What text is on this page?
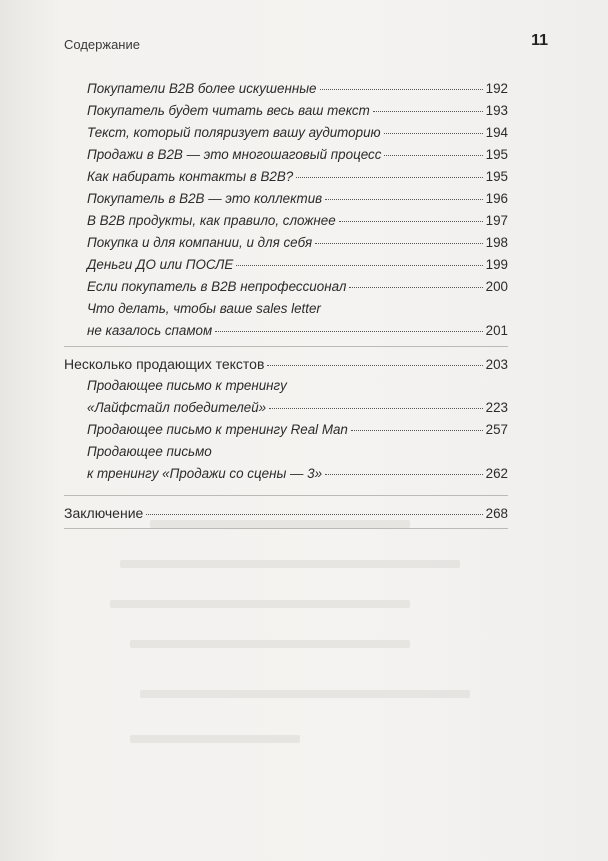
Содержание	11
Покупатели B2B более искушенные	192
Покупатель будет читать весь ваш текст	193
Текст, который поляризует вашу аудиторию	194
Продажи в B2B — это многошаговый процесс	195
Как набирать контакты в B2B?	195
Покупатель в B2B — это коллектив	196
В B2B продукты, как правило, сложнее	197
Покупка и для компании, и для себя	198
Деньги ДО или ПОСЛЕ	199
Если покупатель в B2B непрофессионал	200
Что делать, чтобы ваше sales letter
не казалось спамом	201
Несколько продающих текстов	203
Продающее письмо к тренингу
«Лайфстайл победителей»	223
Продающее письмо к тренингу Real Man	257
Продающее письмо
к тренингу «Продажи со сцены — 3»	262
Заключение	268
